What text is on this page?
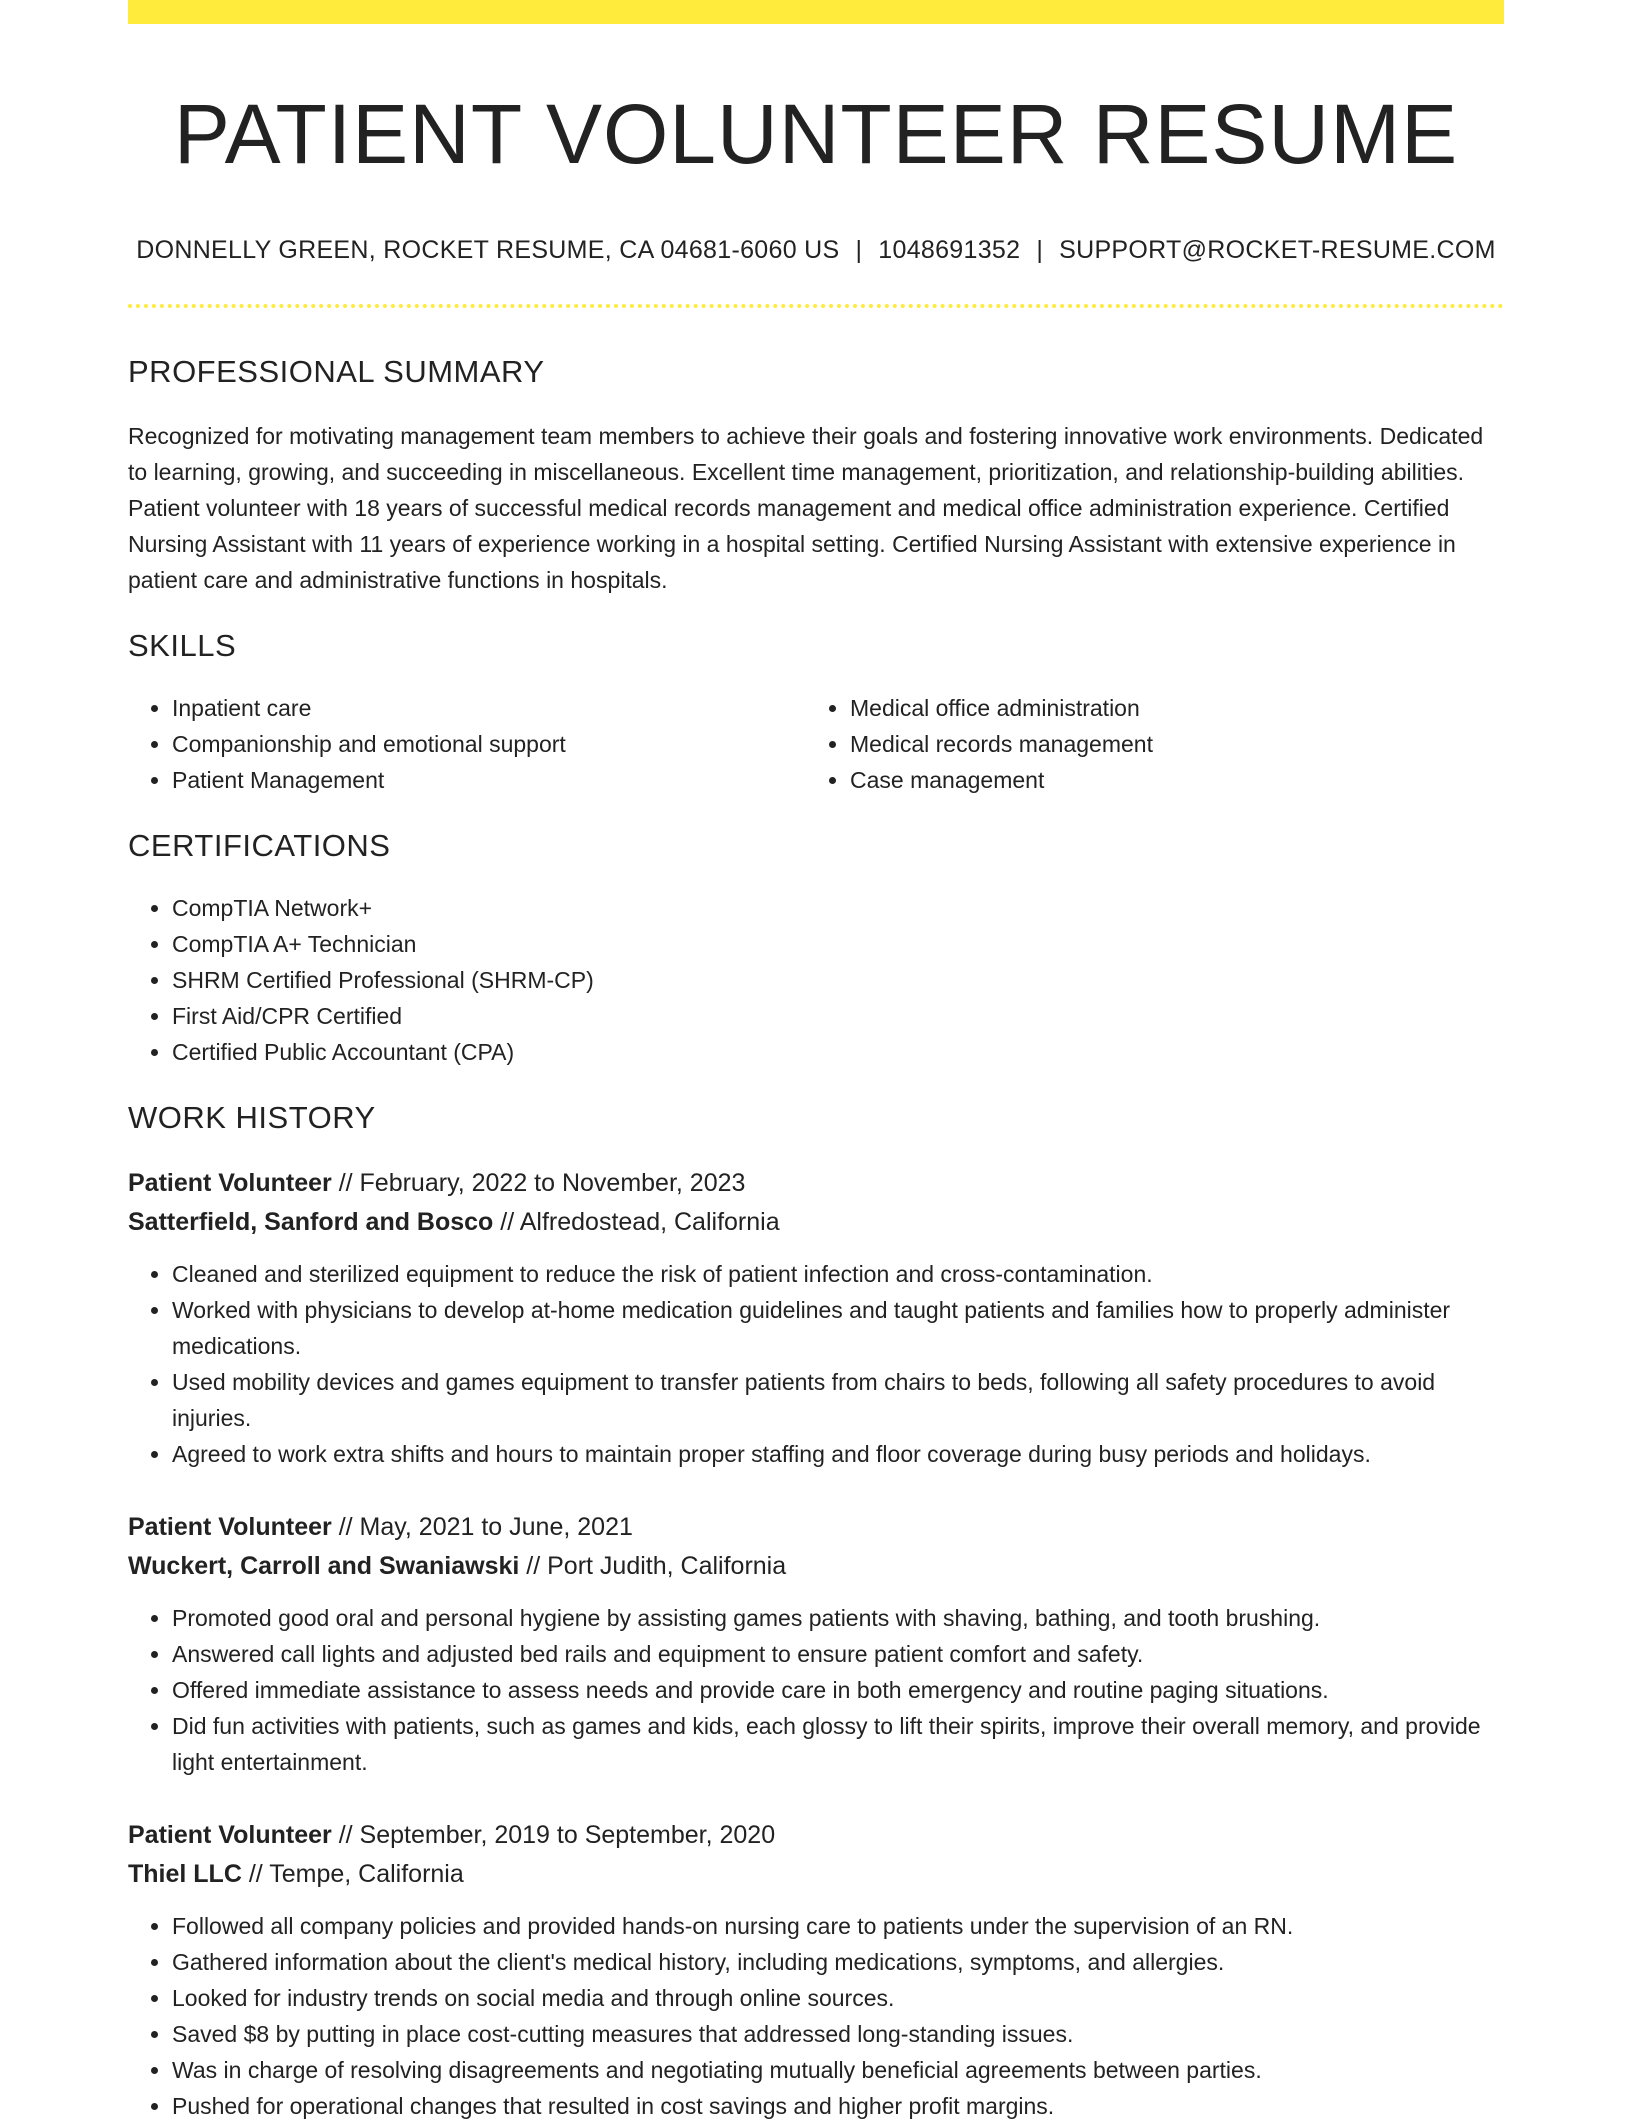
PATIENT VOLUNTEER RESUME
DONNELLY GREEN, ROCKET RESUME, CA 04681-6060 US | 1048691352 | SUPPORT@ROCKET-RESUME.COM
PROFESSIONAL SUMMARY
Recognized for motivating management team members to achieve their goals and fostering innovative work environments. Dedicated to learning, growing, and succeeding in miscellaneous. Excellent time management, prioritization, and relationship-building abilities. Patient volunteer with 18 years of successful medical records management and medical office administration experience. Certified Nursing Assistant with 11 years of experience working in a hospital setting. Certified Nursing Assistant with extensive experience in patient care and administrative functions in hospitals.
SKILLS
• Inpatient care
• Companionship and emotional support
• Patient Management
• Medical office administration
• Medical records management
• Case management
CERTIFICATIONS
• CompTIA Network+
• CompTIA A+ Technician
• SHRM Certified Professional (SHRM-CP)
• First Aid/CPR Certified
• Certified Public Accountant (CPA)
WORK HISTORY
Patient Volunteer // February, 2022 to November, 2023
Satterfield, Sanford and Bosco // Alfredostead, California
• Cleaned and sterilized equipment to reduce the risk of patient infection and cross-contamination.
• Worked with physicians to develop at-home medication guidelines and taught patients and families how to properly administer medications.
• Used mobility devices and games equipment to transfer patients from chairs to beds, following all safety procedures to avoid injuries.
• Agreed to work extra shifts and hours to maintain proper staffing and floor coverage during busy periods and holidays.
Patient Volunteer // May, 2021 to June, 2021
Wuckert, Carroll and Swaniawski // Port Judith, California
• Promoted good oral and personal hygiene by assisting games patients with shaving, bathing, and tooth brushing.
• Answered call lights and adjusted bed rails and equipment to ensure patient comfort and safety.
• Offered immediate assistance to assess needs and provide care in both emergency and routine paging situations.
• Did fun activities with patients, such as games and kids, each glossy to lift their spirits, improve their overall memory, and provide light entertainment.
Patient Volunteer // September, 2019 to September, 2020
Thiel LLC // Tempe, California
• Followed all company policies and provided hands-on nursing care to patients under the supervision of an RN.
• Gathered information about the client's medical history, including medications, symptoms, and allergies.
• Looked for industry trends on social media and through online sources.
• Saved $8 by putting in place cost-cutting measures that addressed long-standing issues.
• Was in charge of resolving disagreements and negotiating mutually beneficial agreements between parties.
• Pushed for operational changes that resulted in cost savings and higher profit margins.
